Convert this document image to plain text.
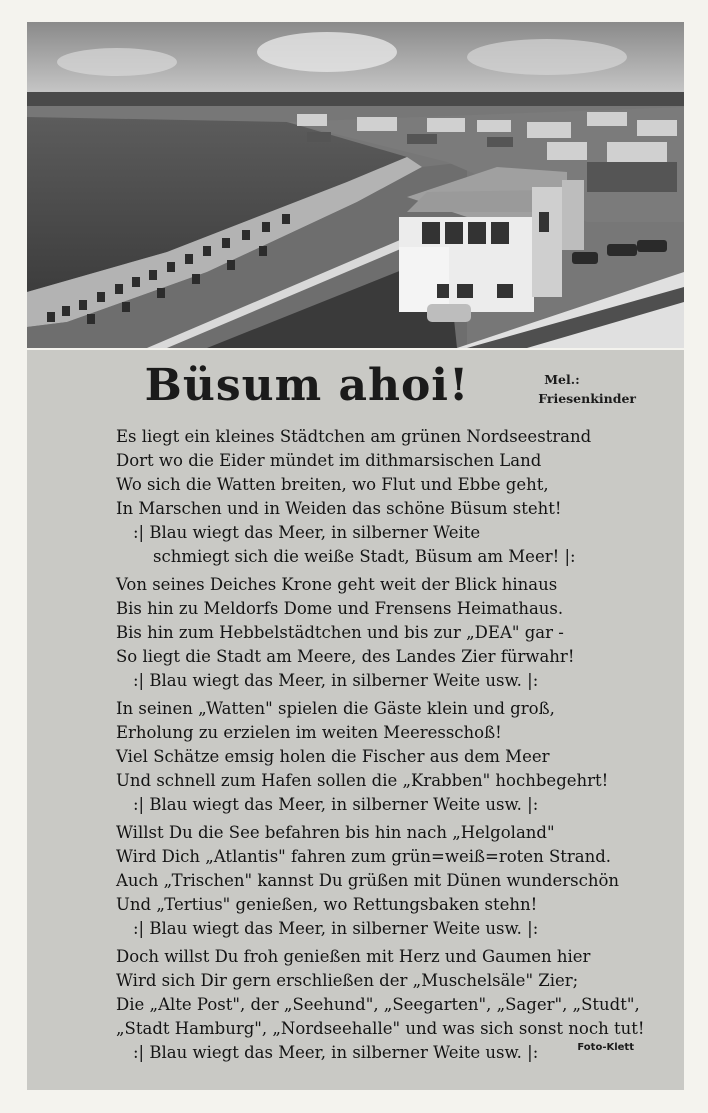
Büsum ahoi!	Mel.:
Friesenkinder
Es liegt ein kleines Städtchen am grünen Nordseestrand
Dort wo die Eider mündet im dithmarsischen Land
Wo sich die Watten breiten, wo Flut und Ebbe geht,
In Marschen und in Weiden das schöne Büsum steht!
:| Blau wiegt das Meer, in silberner Weite
schmiegt sich die weiße Stadt, Büsum am Meer! |:
Von seines Deiches Krone geht weit der Blick hinaus
Bis hin zu Meldorfs Dome und Frensens Heimathaus.
Bis hin zum Hebbelstädtchen und bis zur „DEA" gar -
So liegt die Stadt am Meere, des Landes Zier fürwahr!
:| Blau wiegt das Meer, in silberner Weite usw. |:
In seinen „Watten" spielen die Gäste klein und groß,
Erholung zu erzielen im weiten Meeresschoß!
Viel Schätze emsig holen die Fischer aus dem Meer
Und schnell zum Hafen sollen die „Krabben" hochbegehrt!
:| Blau wiegt das Meer, in silberner Weite usw. |:
Willst Du die See befahren bis hin nach „Helgoland"
Wird Dich „Atlantis" fahren zum grün=weiß=roten Strand.
Auch „Trischen" kannst Du grüßen mit Dünen wunderschön
Und „Tertius" genießen, wo Rettungsbaken stehn!
:| Blau wiegt das Meer, in silberner Weite usw. |:
Doch willst Du froh genießen mit Herz und Gaumen hier
Wird sich Dir gern erschließen der „Muschelsäle" Zier;
Die „Alte Post", der „Seehund", „Seegarten", „Sager", „Studt",
„Stadt Hamburg", „Nordseehalle" und was sich sonst noch tut!
:| Blau wiegt das Meer, in silberner Weite usw. |:	Foto-Klett
